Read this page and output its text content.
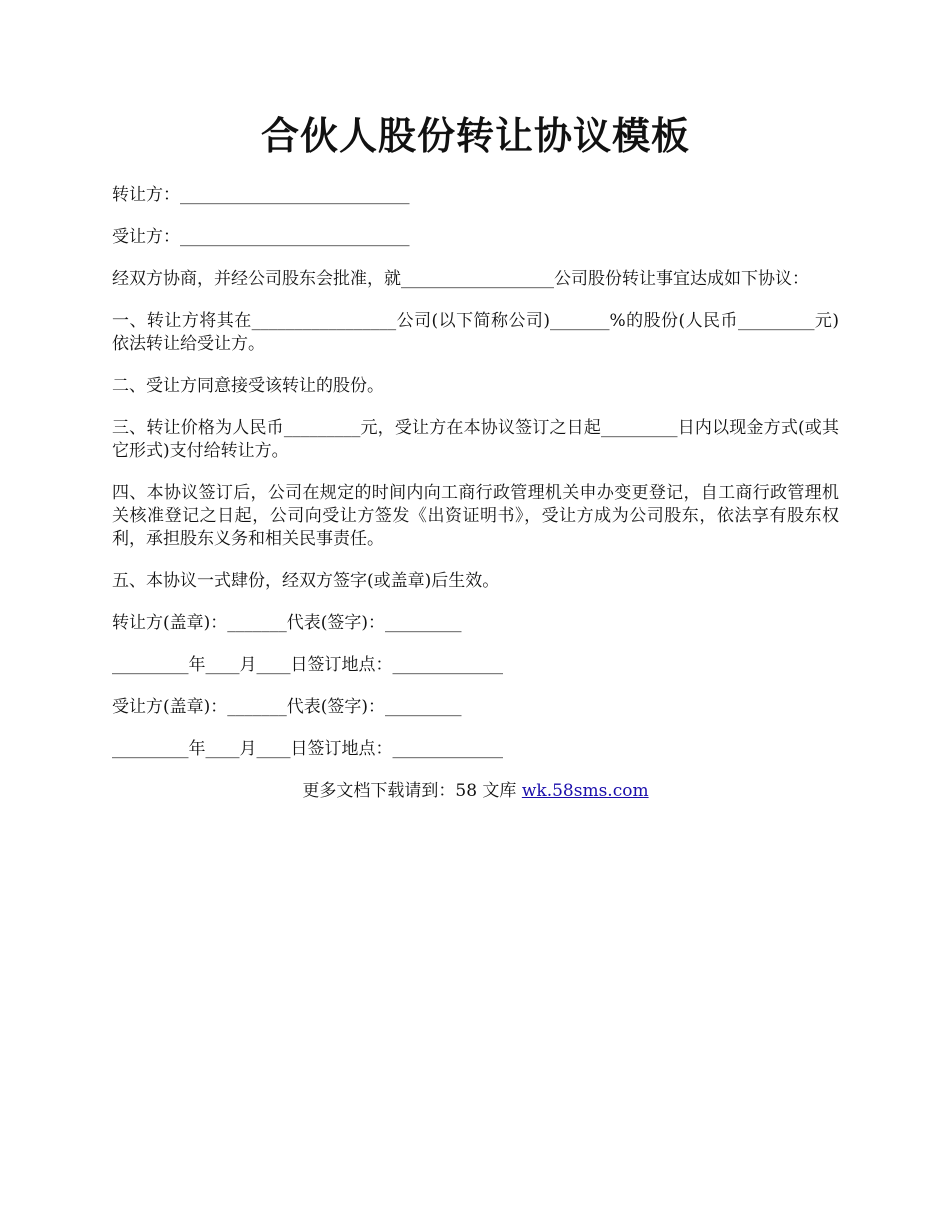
合伙人股份转让协议模板

转让方：___________________________

受让方：___________________________

经双方协商，并经公司股东会批准，就__________________公司股份转让事宜达成如下协议：

一、转让方将其在_________________公司(以下简称公司)_______%的股份(人民币_________元)依法转让给受让方。

二、受让方同意接受该转让的股份。

三、转让价格为人民币_________元，受让方在本协议签订之日起_________日内以现金方式(或其它形式)支付给转让方。

四、本协议签订后，公司在规定的时间内向工商行政管理机关申办变更登记，自工商行政管理机关核准登记之日起，公司向受让方签发《出资证明书》，受让方成为公司股东，依法享有股东权利，承担股东义务和相关民事责任。

五、本协议一式肆份，经双方签字(或盖章)后生效。

转让方(盖章)：_______代表(签字)：_________

_________年____月____日签订地点：_____________

受让方(盖章)：_______代表(签字)：_________

_________年____月____日签订地点：_____________

更多文档下载请到：58 文库 wk.58sms.com
